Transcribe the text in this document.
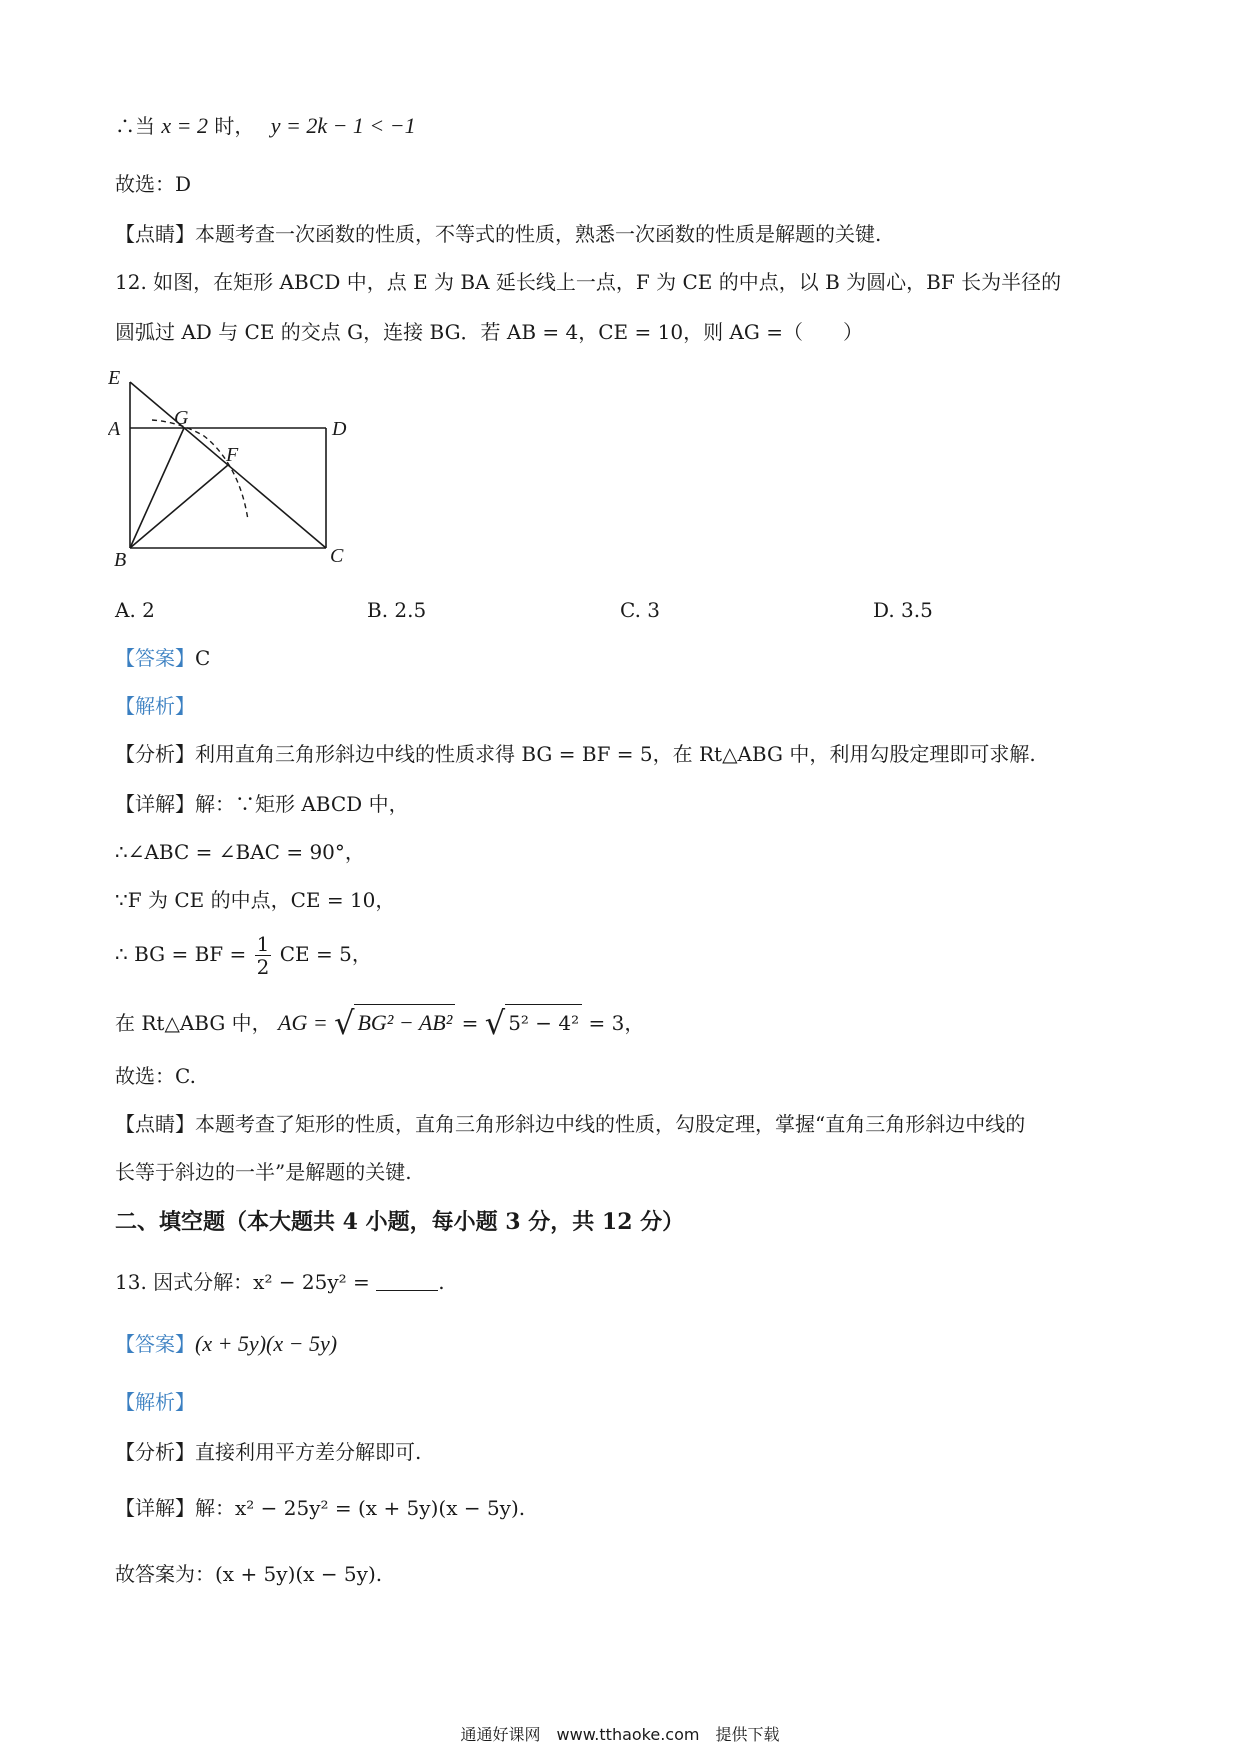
∴当 x = 2 时， y = 2k − 1 < −1
故选：D
【点睛】本题考查一次函数的性质，不等式的性质，熟悉一次函数的性质是解题的关键.
12. 如图，在矩形 ABCD 中，点 E 为 BA 延长线上一点，F 为 CE 的中点，以 B 为圆心，BF 长为半径的
圆弧过 AD 与 CE 的交点 G，连接 BG．若 AB = 4，CE = 10，则 AG =（　　）
E
A	G	D
F
B	C
A. 2	B. 2.5	C. 3	D. 3.5
【答案】C
【解析】
【分析】利用直角三角形斜边中线的性质求得 BG = BF = 5，在 Rt△ABG 中，利用勾股定理即可求解.
【详解】解：∵矩形 ABCD 中，
∴∠ABC = ∠BAC = 90°，
∵F 为 CE 的中点，CE = 10，
∴ BG = BF = $\frac{1}{2}$ CE = 5，
在 Rt△ABG 中， AG = √ BG² − AB² = √ 5² − 4² = 3，
故选：C.
【点睛】本题考查了矩形的性质，直角三角形斜边中线的性质，勾股定理，掌握“直角三角形斜边中线的
长等于斜边的一半”是解题的关键.
二、填空题（本大题共 4 小题，每小题 3 分，共 12 分）
13. 因式分解：x² − 25y² =	.
【答案】(x + 5y)(x − 5y)
【解析】
【分析】直接利用平方差分解即可.
【详解】解：x² − 25y² = (x + 5y)(x − 5y).
故答案为：(x + 5y)(x − 5y).
通通好课网　www.tthaoke.com　提供下载
